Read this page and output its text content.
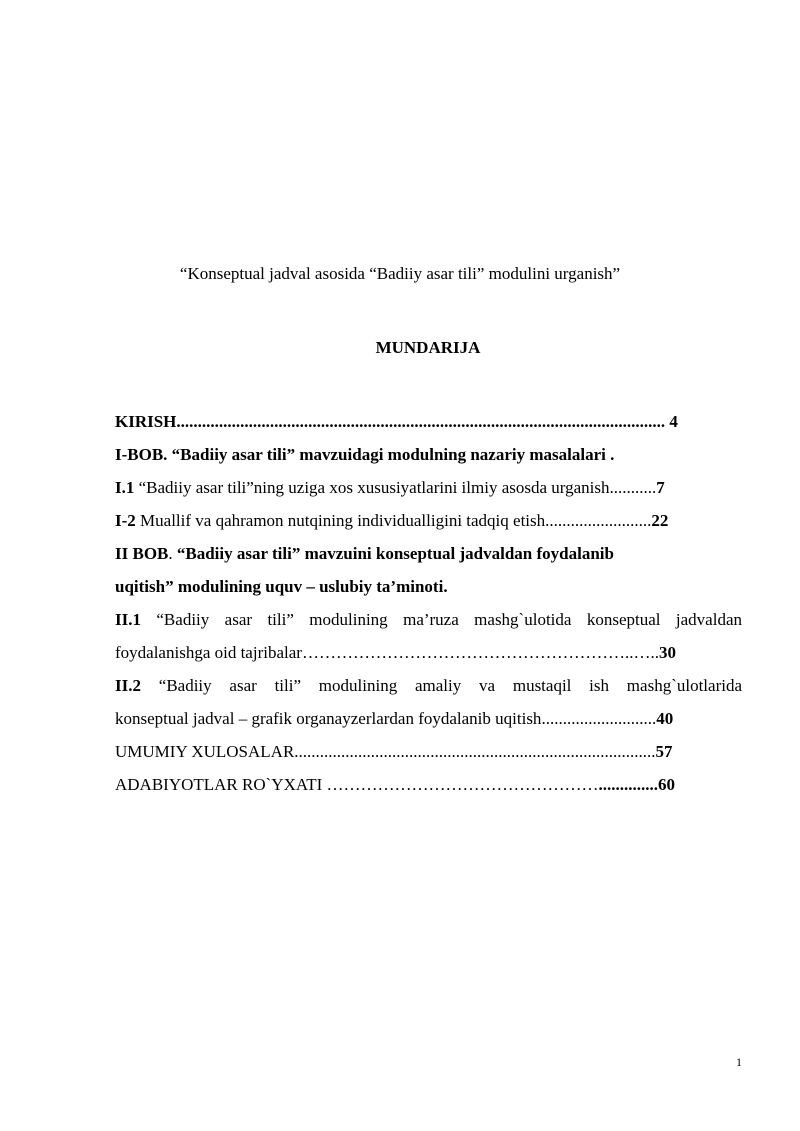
“Konseptual jadval asosida “Badiiy asar tili” modulini urganish”
MUNDARIJA
KIRISH................................................................................................................... 4
I-BOB. “Badiiy asar tili” mavzuidagi modulning nazariy masalalari .
I.1 “Badiiy asar tili”ning uziga xos xususiyatlarini ilmiy asosda urganish...........7
I-2 Muallif va qahramon nutqining individualligini tadqiq etish.........................22
II BOB. “Badiiy asar tili” mavzuini konseptual jadvaldan foydalanib
uqitish” modulining uquv – uslubiy ta’minoti.
II.1 “Badiiy asar tili” modulining ma’ruza mashg`ulotida konseptual jadvaldan
foydalanishga oid tajribalar…………………………………………………..…..30
II.2 “Badiiy asar tili” modulining amaliy va mustaqil ish mashg`ulotlarida
konseptual jadval – grafik organayzerlardan foydalanib uqitish...........................40
UMUMIY XULOSALAR.....................................................................................57
ADABIYOTLAR RO`YXATI …………………………………………..............60
1
